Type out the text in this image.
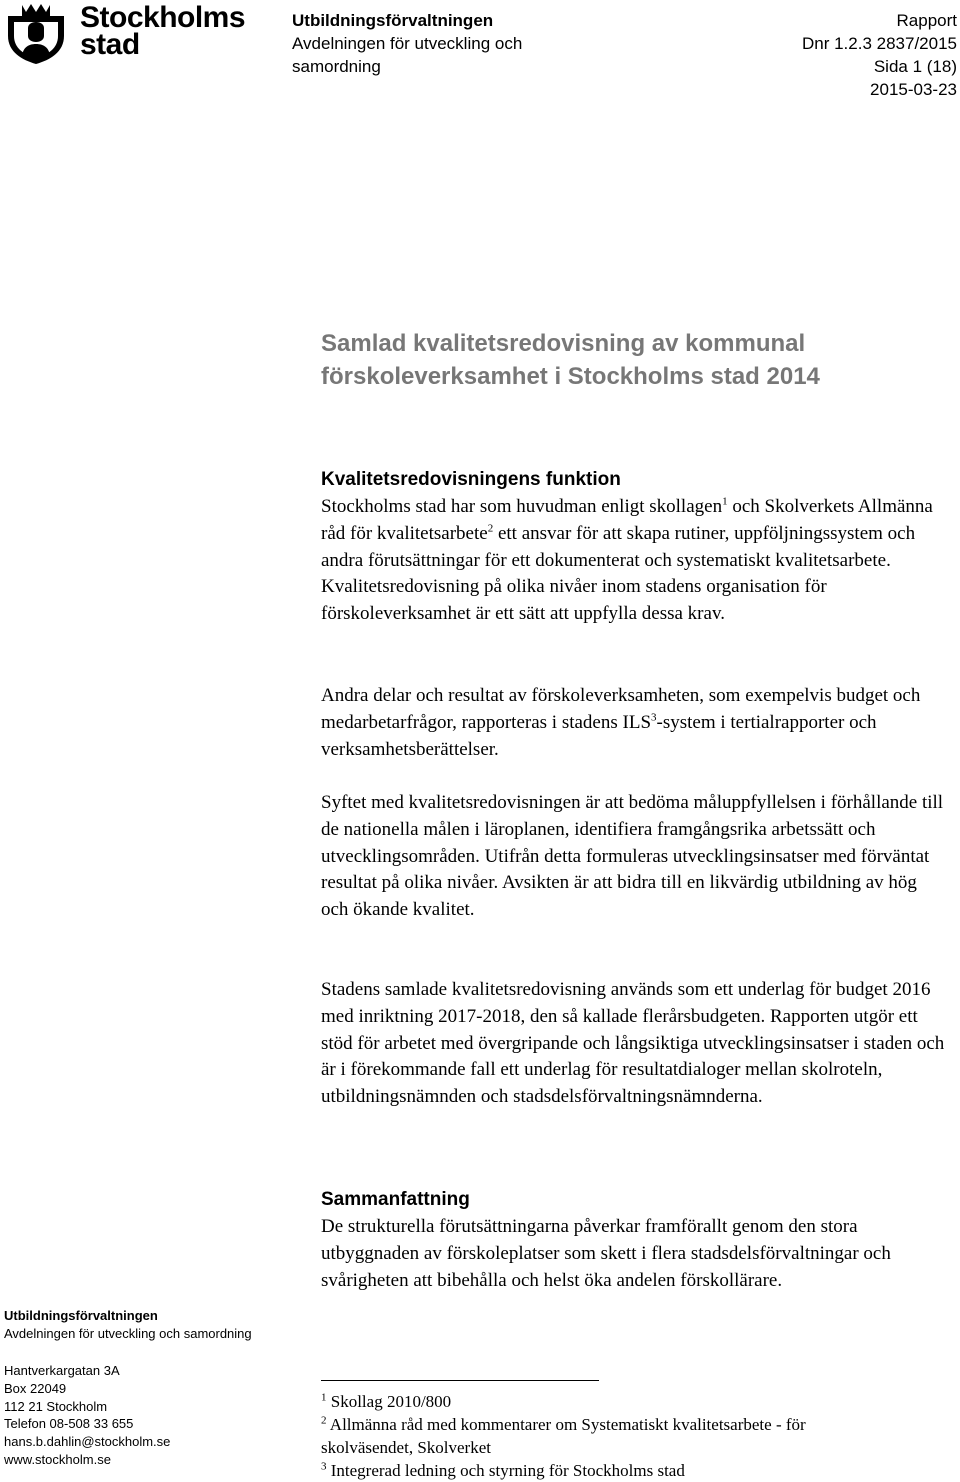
Stockholms
stad
Utbildningsförvaltningen
Avdelningen för utveckling och
samordning
Rapport
Dnr 1.2.3 2837/2015
Sida 1 (18)
2015-03-23
Samlad kvalitetsredovisning av kommunal
förskoleverksamhet i Stockholms stad 2014
Kvalitetsredovisningens funktion

Stockholms stad har som huvudman enligt skollagen$^1$ och Skolverkets Allmänna råd för kvalitetsarbete$^2$ ett ansvar för att skapa rutiner, uppföljningssystem och andra förutsättningar för ett dokumenterat och systematiskt kvalitetsarbete. Kvalitetsredovisning på olika nivåer inom stadens organisation för förskoleverksamhet är ett sätt att uppfylla dessa krav.

Andra delar och resultat av förskoleverksamheten, som exempelvis budget och medarbetarfrågor, rapporteras i stadens ILS$^3$-system i tertialrapporter och verksamhetsberättelser.

Syftet med kvalitetsredovisningen är att bedöma måluppfyllelsen i förhållande till de nationella målen i läroplanen, identifiera framgångsrika arbetssätt och utvecklingsområden. Utifrån detta formuleras utvecklingsinsatser med förväntat resultat på olika nivåer. Avsikten är att bidra till en likvärdig utbildning av hög och ökande kvalitet.

Stadens samlade kvalitetsredovisning används som ett underlag för budget 2016 med inriktning 2017-2018, den så kallade flerårsbudgeten. Rapporten utgör ett stöd för arbetet med övergripande och långsiktiga utvecklingsinsatser i staden och är i förekommande fall ett underlag för resultatdialoger mellan skolroteln, utbildningsnämnden och stadsdelsförvaltningsnämnderna.

Sammanfattning

De strukturella förutsättningarna påverkar framförallt genom den stora utbyggnaden av förskoleplatser som skett i flera stadsdelsförvaltningar och svårigheten att bibehålla och helst öka andelen förskollärare.

Utbildningsförvaltningen
Avdelningen för utveckling och samordning
Hantverkargatan 3A
Box 22049
112 21 Stockholm
Telefon 08-508 33 655
hans.b.dahlin@stockholm.se
www.stockholm.se
$^1$ Skollag 2010/800
$^2$ Allmänna råd med kommentarer om Systematiskt kvalitetsarbete - för
skolväsendet, Skolverket
$^3$ Integrerad ledning och styrning för Stockholms stad
